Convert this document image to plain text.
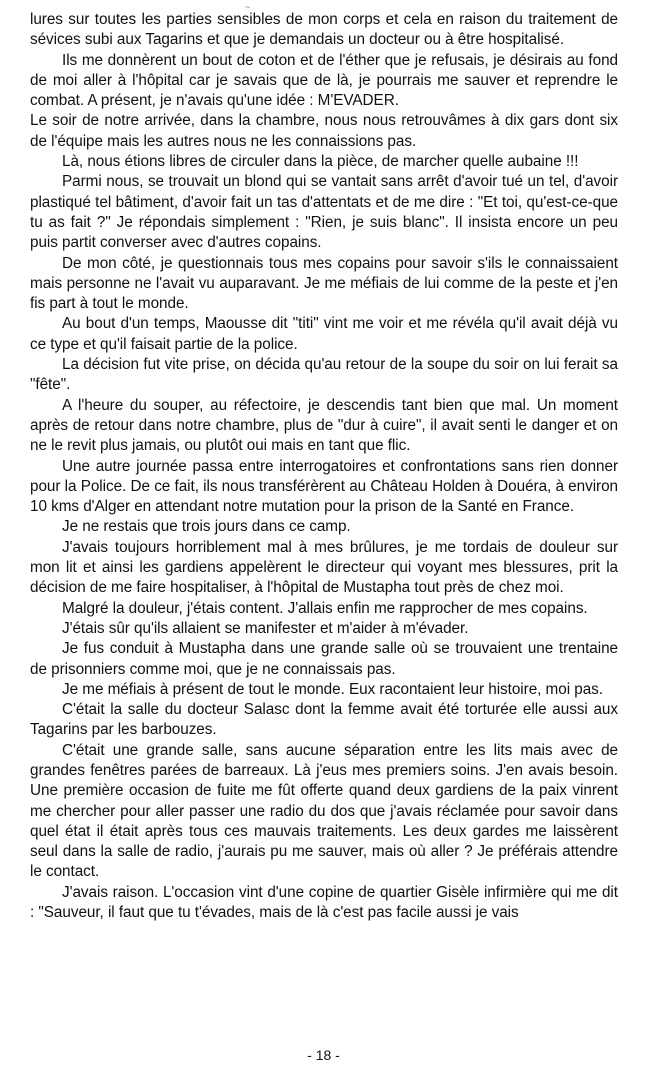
~

lures sur toutes les parties sensibles de mon corps et cela en raison du traitement de sévices subi aux Tagarins et que je demandais un docteur ou à être hospitalisé.

Ils me donnèrent un bout de coton et de l'éther que je refusais, je désirais au fond de moi aller à l'hôpital car je savais que de là, je pourrais me sauver et reprendre le combat. A présent, je n'avais qu'une idée : M'EVADER.

Le soir de notre arrivée, dans la chambre, nous nous retrouvâmes à dix gars dont six de l'équipe mais les autres nous ne les connaissions pas.

Là, nous étions libres de circuler dans la pièce, de marcher quelle aubaine !!!

Parmi nous, se trouvait un blond qui se vantait sans arrêt d'avoir tué un tel, d'avoir plastiqué tel bâtiment, d'avoir fait un tas d'attentats et de me dire : "Et toi, qu'est-ce-que tu as fait ?" Je répondais simplement : "Rien, je suis blanc". Il insista encore un peu puis partit converser avec d'autres copains.

De mon côté, je questionnais tous mes copains pour savoir s'ils le connaissaient mais personne ne l'avait vu auparavant. Je me méfiais de lui comme de la peste et j'en fis part à tout le monde.

Au bout d'un temps, Maousse dit "titi" vint me voir et me révéla qu'il avait déjà vu ce type et qu'il faisait partie de la police.

La décision fut vite prise, on décida qu'au retour de la soupe du soir on lui ferait sa "fête".

A l'heure du souper, au réfectoire, je descendis tant bien que mal. Un moment après de retour dans notre chambre, plus de "dur à cuire", il avait senti le danger et on ne le revit plus jamais, ou plutôt oui mais en tant que flic.

Une autre journée passa entre interrogatoires et confrontations sans rien donner pour la Police. De ce fait, ils nous transférèrent au Château Holden à Douéra, à environ 10 kms d'Alger en attendant notre mutation pour la prison de la Santé en France.

Je ne restais que trois jours dans ce camp.

J'avais toujours horriblement mal à mes brûlures, je me tordais de douleur sur mon lit et ainsi les gardiens appelèrent le directeur qui voyant mes blessures, prit la décision de me faire hospitaliser, à l'hôpital de Mustapha tout près de chez moi.

Malgré la douleur, j'étais content. J'allais enfin me rapprocher de mes copains.

J'étais sûr qu'ils allaient se manifester et m'aider à m'évader.

Je fus conduit à Mustapha dans une grande salle où se trouvaient une trentaine de prisonniers comme moi, que je ne connaissais pas.

Je me méfiais à présent de tout le monde. Eux racontaient leur histoire, moi pas.

C'était la salle du docteur Salasc dont la femme avait été torturée elle aussi aux Tagarins par les barbouzes.

C'était une grande salle, sans aucune séparation entre les lits mais avec de grandes fenêtres parées de barreaux. Là j'eus mes premiers soins. J'en avais besoin. Une première occasion de fuite me fût offerte quand deux gardiens de la paix vinrent me chercher pour aller passer une radio du dos que j'avais réclamée pour savoir dans quel état il était après tous ces mauvais traitements. Les deux gardes me laissèrent seul dans la salle de radio, j'aurais pu me sauver, mais où aller ? Je préférais attendre le contact.

J'avais raison. L'occasion vint d'une copine de quartier Gisèle infirmière qui me dit : "Sauveur, il faut que tu t'évades, mais de là c'est pas facile aussi je vais

- 18 -
